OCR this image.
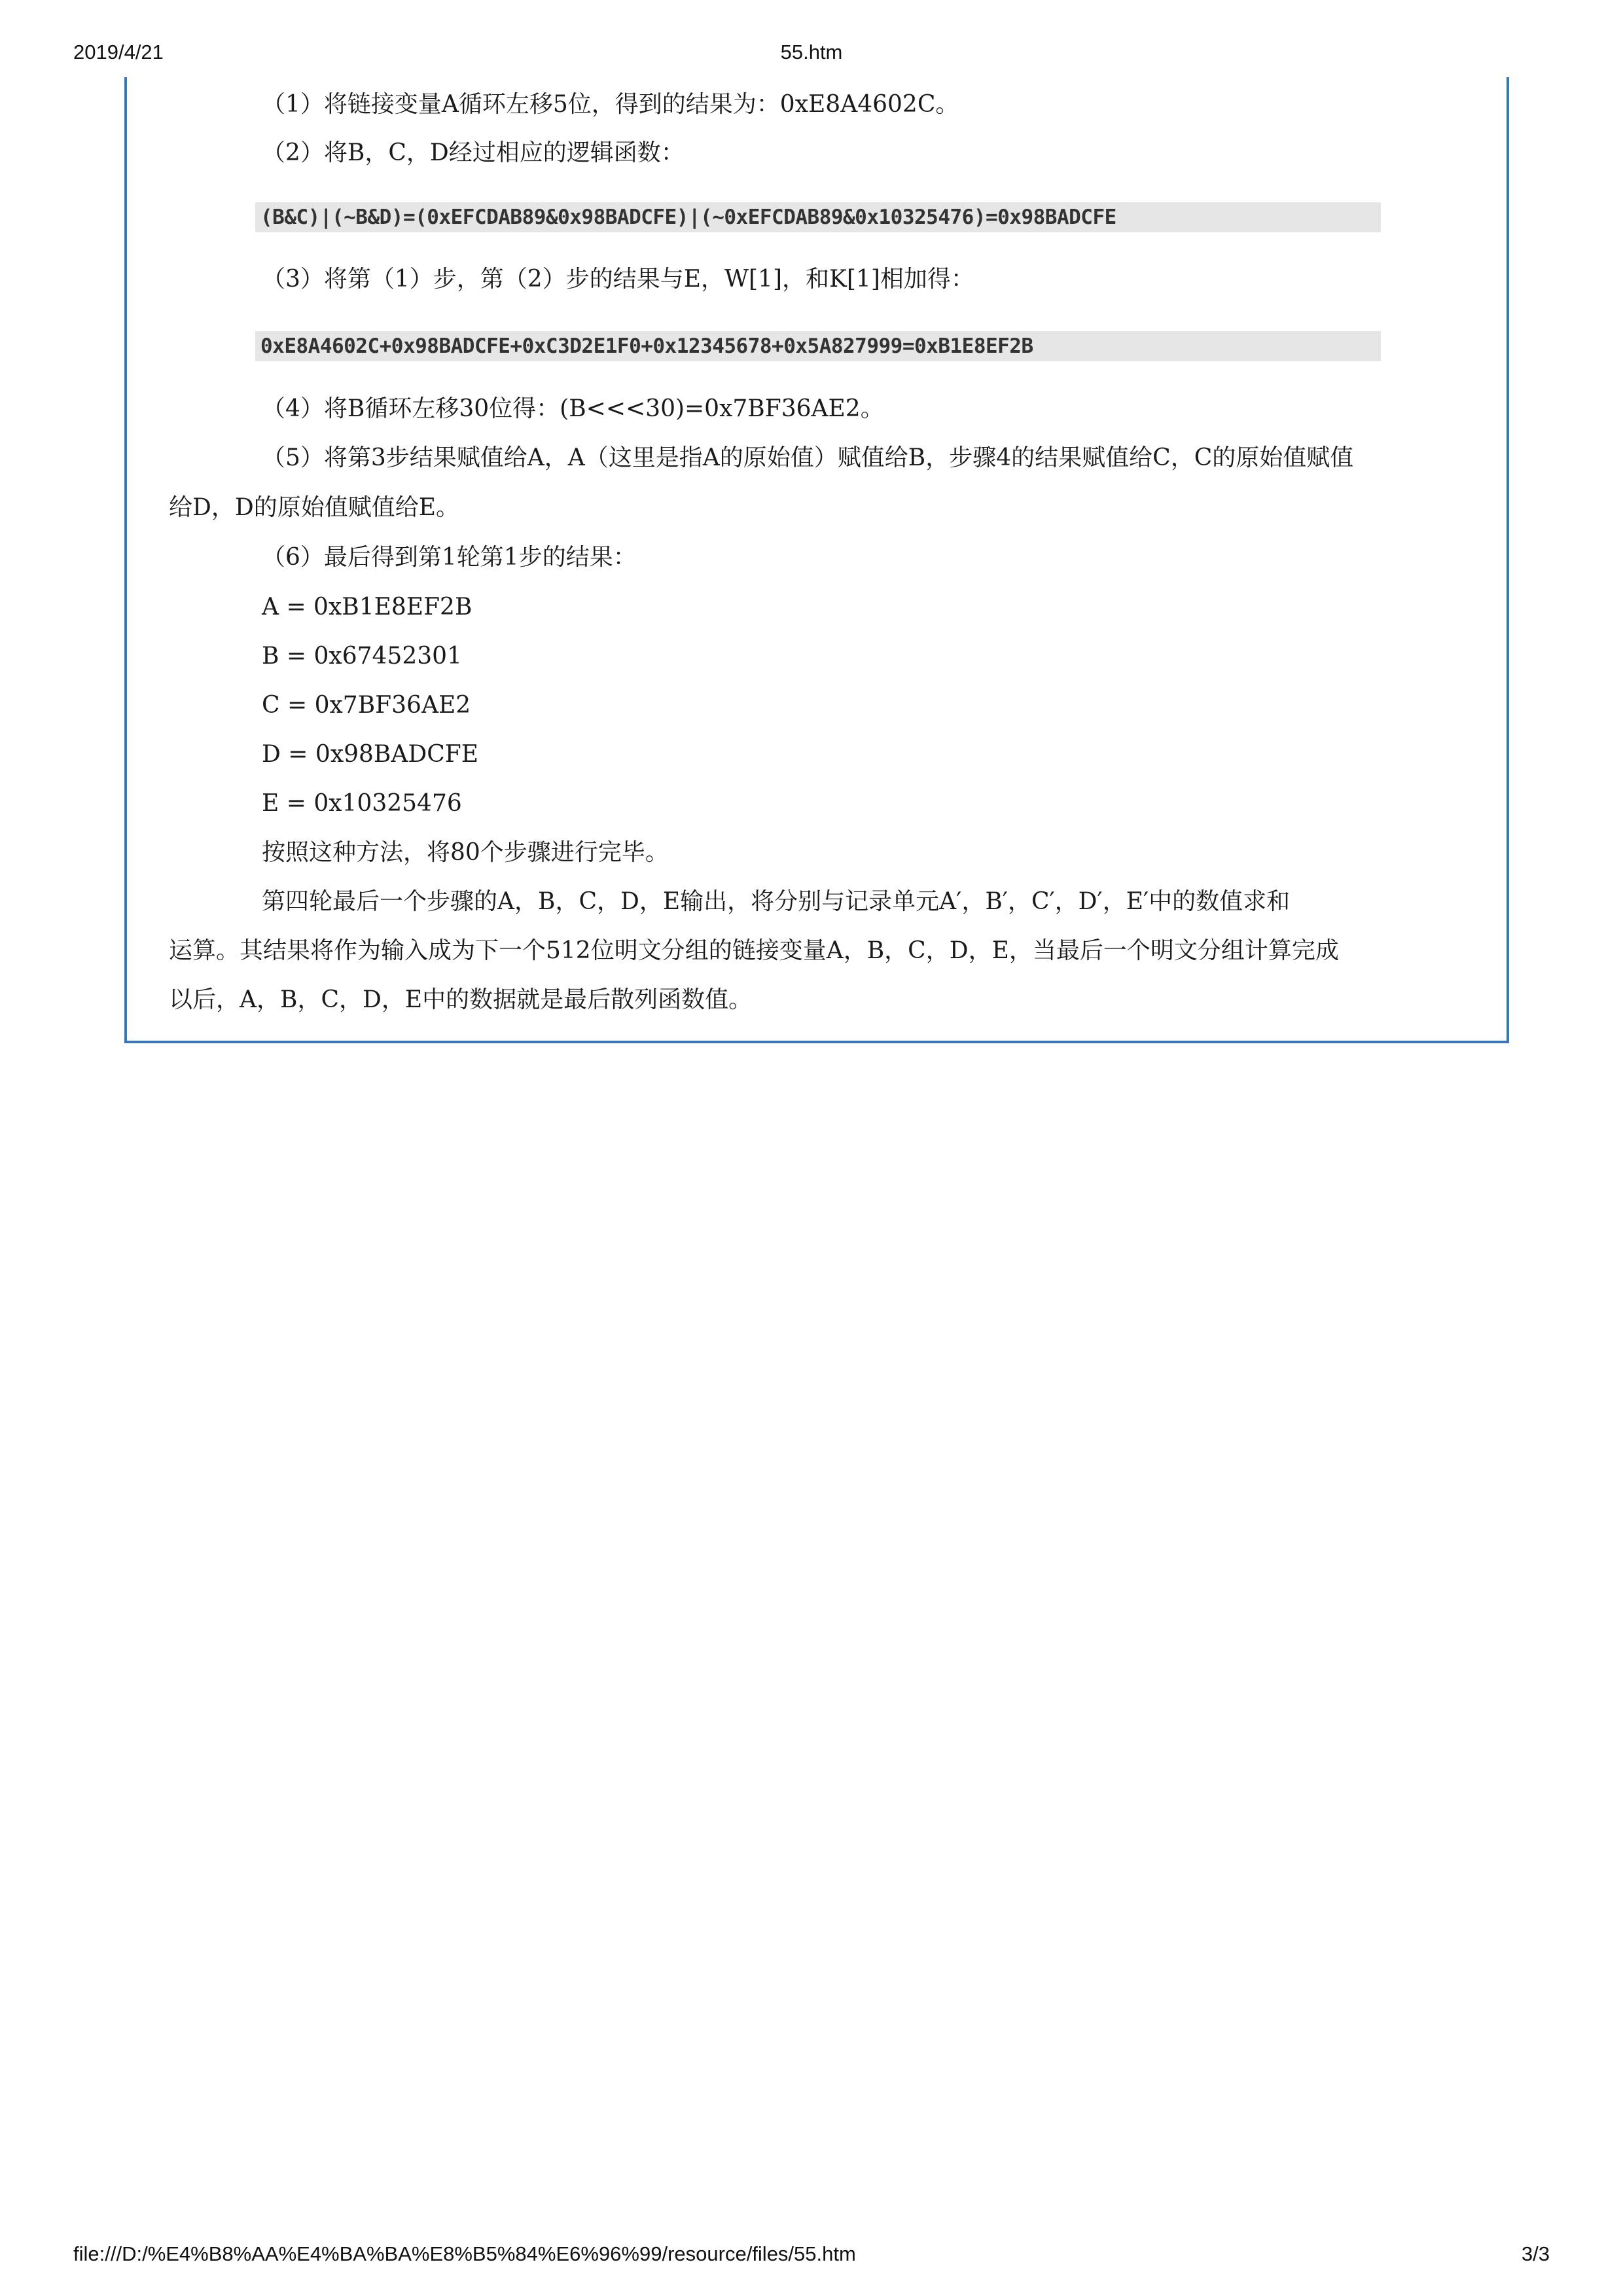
2019/4/21	55.htm
（1）将链接变量A循环左移5位，得到的结果为：0xE8A4602C。
（2）将B，C，D经过相应的逻辑函数：
(B&C)|(~B&D)=(0xEFCDAB89&0x98BADCFE)|(~0xEFCDAB89&0x10325476)=0x98BADCFE
（3）将第（1）步，第（2）步的结果与E，W[1]，和K[1]相加得：
0xE8A4602C+0x98BADCFE+0xC3D2E1F0+0x12345678+0x5A827999=0xB1E8EF2B
（4）将B循环左移30位得：(B<<<30)=0x7BF36AE2。
（5）将第3步结果赋值给A，A（这里是指A的原始值）赋值给B，步骤4的结果赋值给C，C的原始值赋值
给D，D的原始值赋值给E。
（6）最后得到第1轮第1步的结果：
A = 0xB1E8EF2B
B = 0x67452301
C = 0x7BF36AE2
D = 0x98BADCFE
E = 0x10325476
按照这种方法，将80个步骤进行完毕。
第四轮最后一个步骤的A，B，C，D，E输出，将分别与记录单元A′，B′，C′，D′，E′中的数值求和
运算。其结果将作为输入成为下一个512位明文分组的链接变量A，B，C，D，E，当最后一个明文分组计算完成
以后，A，B，C，D，E中的数据就是最后散列函数值。
file:///D:/%E4%B8%AA%E4%BA%BA%E8%B5%84%E6%96%99/resource/files/55.htm	3/3
